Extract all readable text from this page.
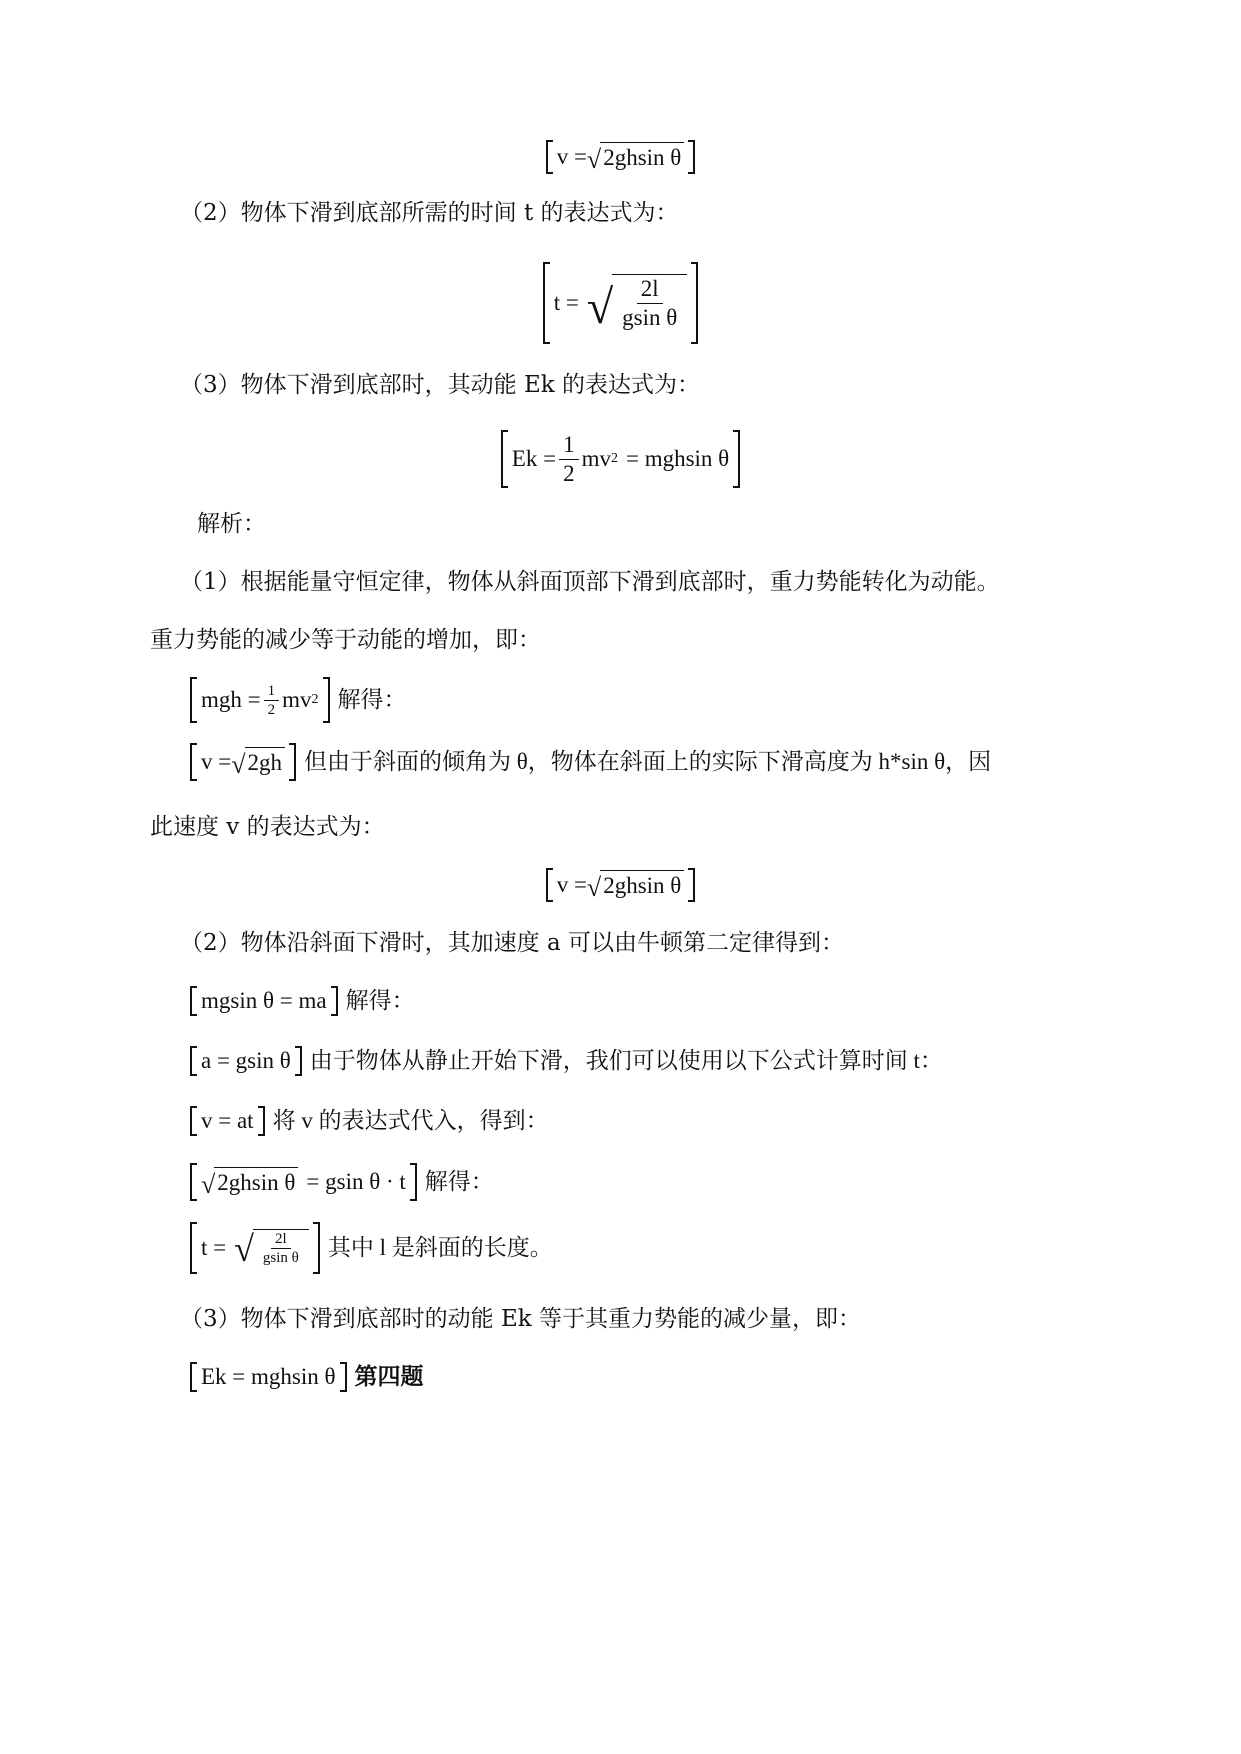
v = √ 2ghsin θ
（2）物体下滑到底部所需的时间 t 的表达式为：
t = √ $\frac{2l}{\text{gsin θ}}$
（3）物体下滑到底部时，其动能 Ek 的表达式为：
$Ek = \frac{1}{2}$ mv 2 = mghsin θ
解析：
（1）根据能量守恒定律，物体从斜面顶部下滑到底部时，重力势能转化为动能。
重力势能的减少等于动能的增加，即：
mgh = $\frac{1}{2}$ mv 2 解得：
v = √ 2gh 但由于斜面的倾角为 θ，物体在斜面上的实际下滑高度为 h*sin θ，因
此速度 v 的表达式为：
v = √ 2ghsin θ
（2）物体沿斜面下滑时，其加速度 a 可以由牛顿第二定律得到：
mgsin θ = ma 解得：
a = gsin θ 由于物体从静止开始下滑，我们可以使用以下公式计算时间 t：
v = at 将 v 的表达式代入，得到：
√ 2ghsin θ = gsin θ · t 解得：
t = √ $\frac{2l}{\text{gsin θ}}$ 其中 l 是斜面的长度。
（3）物体下滑到底部时的动能 Ek 等于其重力势能的减少量，即：
Ek = mghsin θ 第四题
